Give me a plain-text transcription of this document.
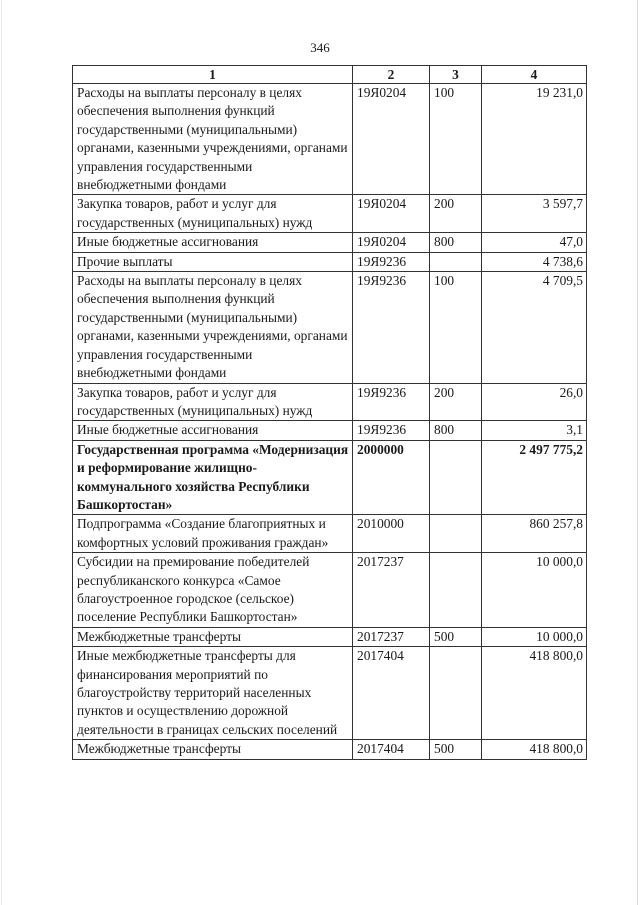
346
1	2	3	4
Расходы на выплаты персоналу в целях обеспечения выполнения функций государственными (муниципальными) органами, казенными учреждениями, органами управления государственными внебюджетными фондами	19Я0204	100	19 231,0
Закупка товаров, работ и услуг для государственных (муниципальных) нужд	19Я0204	200	3 597,7
Иные бюджетные ассигнования	19Я0204	800	47,0
Прочие выплаты	19Я9236		4 738,6
Расходы на выплаты персоналу в целях обеспечения выполнения функций государственными (муниципальными) органами, казенными учреждениями, органами управления государственными внебюджетными фондами	19Я9236	100	4 709,5
Закупка товаров, работ и услуг для государственных (муниципальных) нужд	19Я9236	200	26,0
Иные бюджетные ассигнования	19Я9236	800	3,1
Государственная программа «Модернизация и реформирование жилищно-коммунального хозяйства Республики Башкортостан»	2000000		2 497 775,2
Подпрограмма «Создание благоприятных и комфортных условий проживания граждан»	2010000		860 257,8
Субсидии на премирование победителей республиканского конкурса «Самое благоустроенное городское (сельское) поселение Республики Башкортостан»	2017237		10 000,0
Межбюджетные трансферты	2017237	500	10 000,0
Иные межбюджетные трансферты для финансирования мероприятий по благоустройству территорий населенных пунктов и осуществлению дорожной деятельности в границах сельских поселений	2017404		418 800,0
Межбюджетные трансферты	2017404	500	418 800,0
